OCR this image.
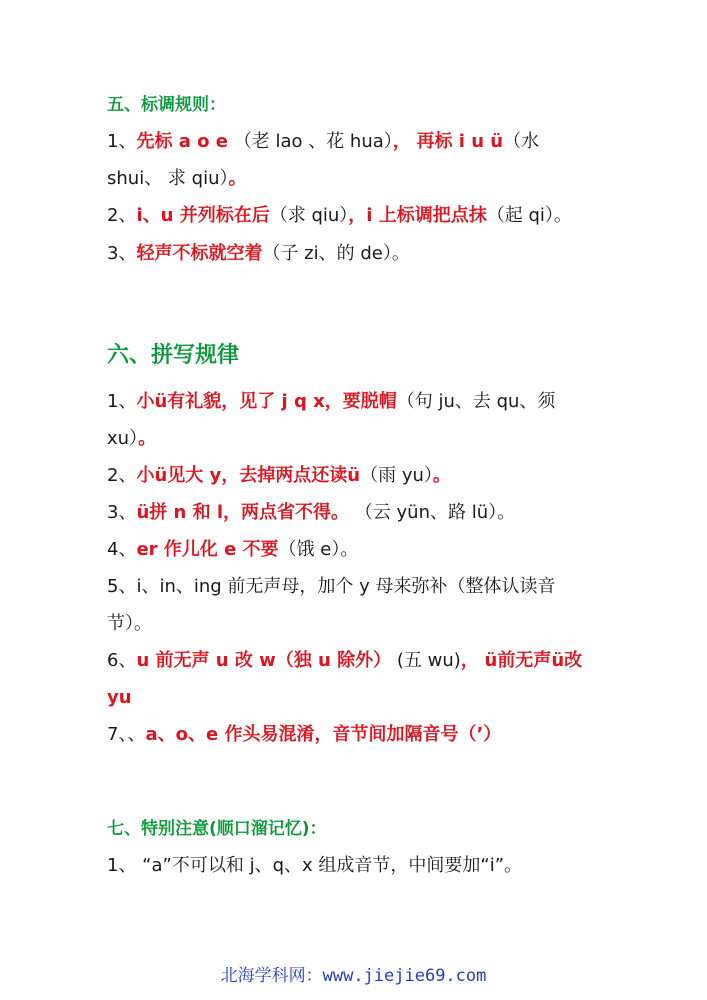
五、标调规则：
1、先标 a o e （老 lao 、花 hua）， 再标 i u ü（水
shui、 求 qiu）。
2、i、u 并列标在后（求 qiu），i 上标调把点抹（起 qi）。
3、轻声不标就空着（子 zi、的 de）。
六、拼写规律
1、小ü有礼貌，见了 j q x，要脱帽（句 ju、去 qu、须
xu）。
2、小ü见大 y，去掉两点还读ü（雨 yu）。
3、ü拼 n 和 l，两点省不得。 （云 yün、路 lü）。
4、er 作儿化 e 不要（饿 e）。
5、i、in、ing 前无声母，加个 y 母来弥补（整体认读音
节）。
6、u 前无声 u 改 w（独 u 除外） (五 wu)， ü前无声ü改
yu
7、、a、o、e 作头易混淆，音节间加隔音号（’）
七、特别注意(顺口溜记忆)：
1、 “a”不可以和 j、q、x 组成音节，中间要加“i”。
北海学科网：www.jiejie69.com
